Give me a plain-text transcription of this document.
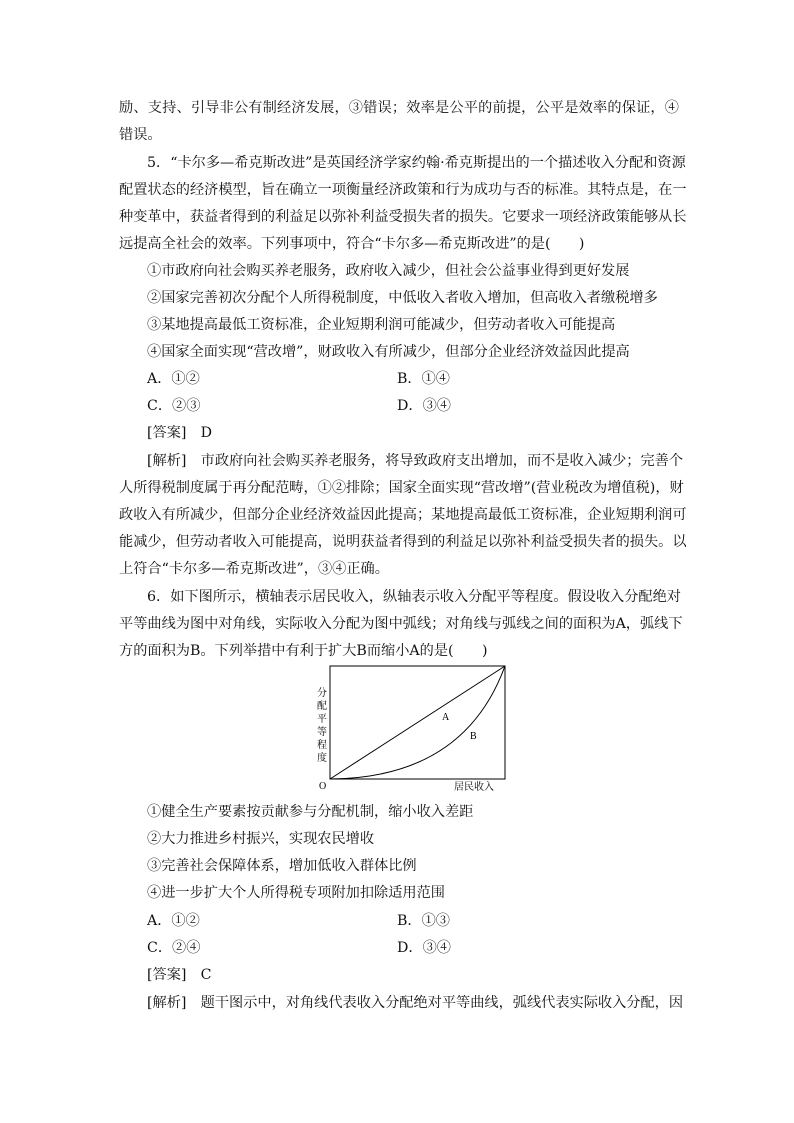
励、支持、引导非公有制经济发展，③错误；效率是公平的前提，公平是效率的保证，④
错误。
5．“卡尔多—希克斯改进”是英国经济学家约翰·希克斯提出的一个描述收入分配和资源
配置状态的经济模型，旨在确立一项衡量经济政策和行为成功与否的标准。其特点是，在一
种变革中，获益者得到的利益足以弥补利益受损失者的损失。它要求一项经济政策能够从长
远提高全社会的效率。下列事项中，符合“卡尔多—希克斯改进”的是(　　)
①市政府向社会购买养老服务，政府收入减少，但社会公益事业得到更好发展
②国家完善初次分配个人所得税制度，中低收入者收入增加，但高收入者缴税增多
③某地提高最低工资标准，企业短期利润可能减少，但劳动者收入可能提高
④国家全面实现“营改增”，财政收入有所减少，但部分企业经济效益因此提高
A．①②	B．①④
C．②③	D．③④
[答案]　D
[解析]　市政府向社会购买养老服务，将导致政府支出增加，而不是收入减少；完善个
人所得税制度属于再分配范畴，①②排除；国家全面实现“营改增”(营业税改为增值税)，财
政收入有所减少，但部分企业经济效益因此提高；某地提高最低工资标准，企业短期利润可
能减少，但劳动者收入可能提高，说明获益者得到的利益足以弥补利益受损失者的损失。以
上符合“卡尔多—希克斯改进”，③④正确。
6．如下图所示，横轴表示居民收入，纵轴表示收入分配平等程度。假设收入分配绝对
平等曲线为图中对角线，实际收入分配为图中弧线；对角线与弧线之间的面积为A，弧线下
方的面积为B。下列举措中有利于扩大B而缩小A的是(　　)
A
B
O	居民收入
分
配
平
等
程
度
①健全生产要素按贡献参与分配机制，缩小收入差距
②大力推进乡村振兴，实现农民增收
③完善社会保障体系，增加低收入群体比例
④进一步扩大个人所得税专项附加扣除适用范围
A．①②	B．①③
C．②④	D．③④
[答案]　C
[解析]　题干图示中，对角线代表收入分配绝对平等曲线，弧线代表实际收入分配，因
